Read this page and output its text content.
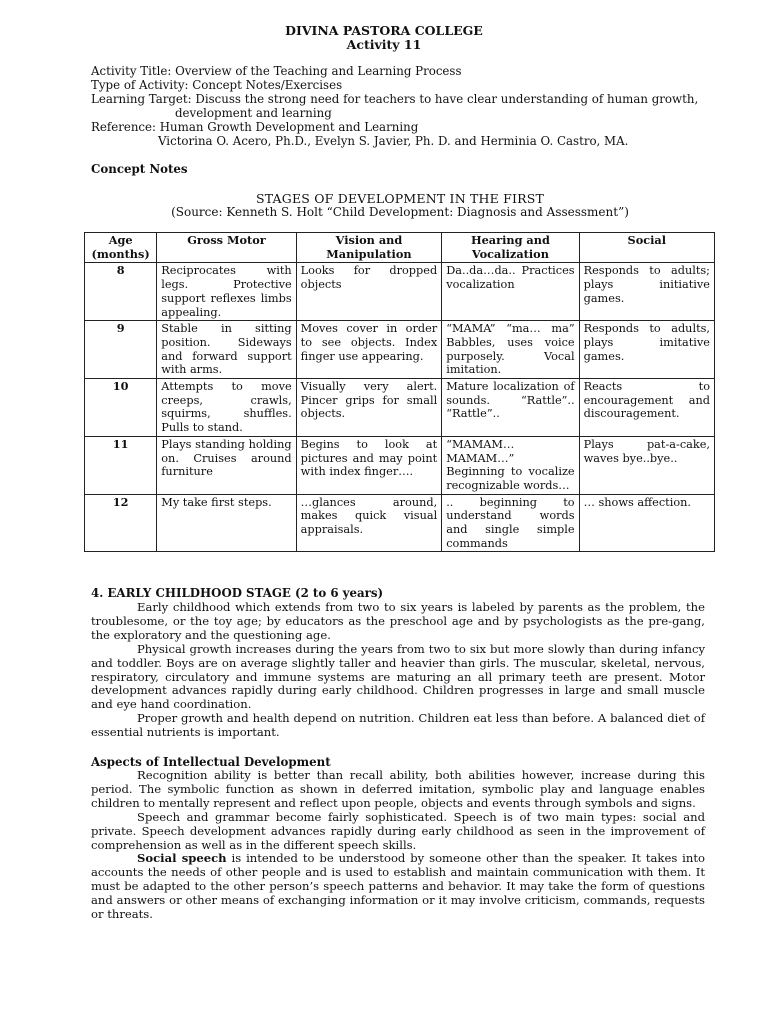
DIVINA PASTORA COLLEGE
Activity 11
Activity Title: Overview of the Teaching and Learning Process
Type of Activity: Concept Notes/Exercises
Learning Target: Discuss the strong need for teachers to have clear understanding of human growth,
development and learning
Reference: Human Growth Development and Learning
Victorina O. Acero, Ph.D., Evelyn S. Javier, Ph. D. and Herminia O. Castro, MA.
Concept Notes
STAGES OF DEVELOPMENT IN THE FIRST
(Source: Kenneth S. Holt “Child Development: Diagnosis and Assessment”)
Age (months)	Gross Motor	Vision and Manipulation	Hearing and Vocalization	Social
8	Reciprocates with legs. Protective support reflexes limbs appealing.	Looks for dropped objects	Da..da…da.. Practices vocalization	Responds to adults; plays initiative games.
9	Stable in sitting position. Sideways and forward support with arms.	Moves cover in order to see objects. Index finger use appearing.	“MAMA” “ma… ma” Babbles, uses voice purposely. Vocal imitation.	Responds to adults, plays imitative games.
10	Attempts to move creeps, crawls, squirms, shuffles. Pulls to stand.	Visually very alert. Pincer grips for small objects.	Mature localization of sounds. “Rattle”.. “Rattle”..	Reacts to encouragement and discouragement.
11	Plays standing holding on. Cruises around furniture	Begins to look at pictures and may point with index finger….	“MAMAM… MAMAM…” Beginning to vocalize recognizable words…	Plays pat-a-cake, waves bye..bye..
12	My take first steps.	…glances around, makes quick visual appraisals.	.. beginning to understand words and single simple commands	… shows affection.
4. EARLY CHILDHOOD STAGE (2 to 6 years)

Early childhood which extends from two to six years is labeled by parents as the problem, the troublesome, or the toy age; by educators as the preschool age and by psychologists as the pre-gang, the exploratory and the questioning age.

Physical growth increases during the years from two to six but more slowly than during infancy and toddler. Boys are on average slightly taller and heavier than girls. The muscular, skeletal, nervous, respiratory, circulatory and immune systems are maturing an all primary teeth are present. Motor development advances rapidly during early childhood. Children progresses in large and small muscle and eye hand coordination.

Proper growth and health depend on nutrition. Children eat less than before. A balanced diet of essential nutrients is important.

Aspects of Intellectual Development

Recognition ability is better than recall ability, both abilities however, increase during this period. The symbolic function as shown in deferred imitation, symbolic play and language enables children to mentally represent and reflect upon people, objects and events through symbols and signs.

Speech and grammar become fairly sophisticated. Speech is of two main types: social and private. Speech development advances rapidly during early childhood as seen in the improvement of comprehension as well as in the different speech skills.

Social speech is intended to be understood by someone other than the speaker. It takes into accounts the needs of other people and is used to establish and maintain communication with them. It must be adapted to the other person’s speech patterns and behavior. It may take the form of questions and answers or other means of exchanging information or it may involve criticism, commands, requests or threats.
